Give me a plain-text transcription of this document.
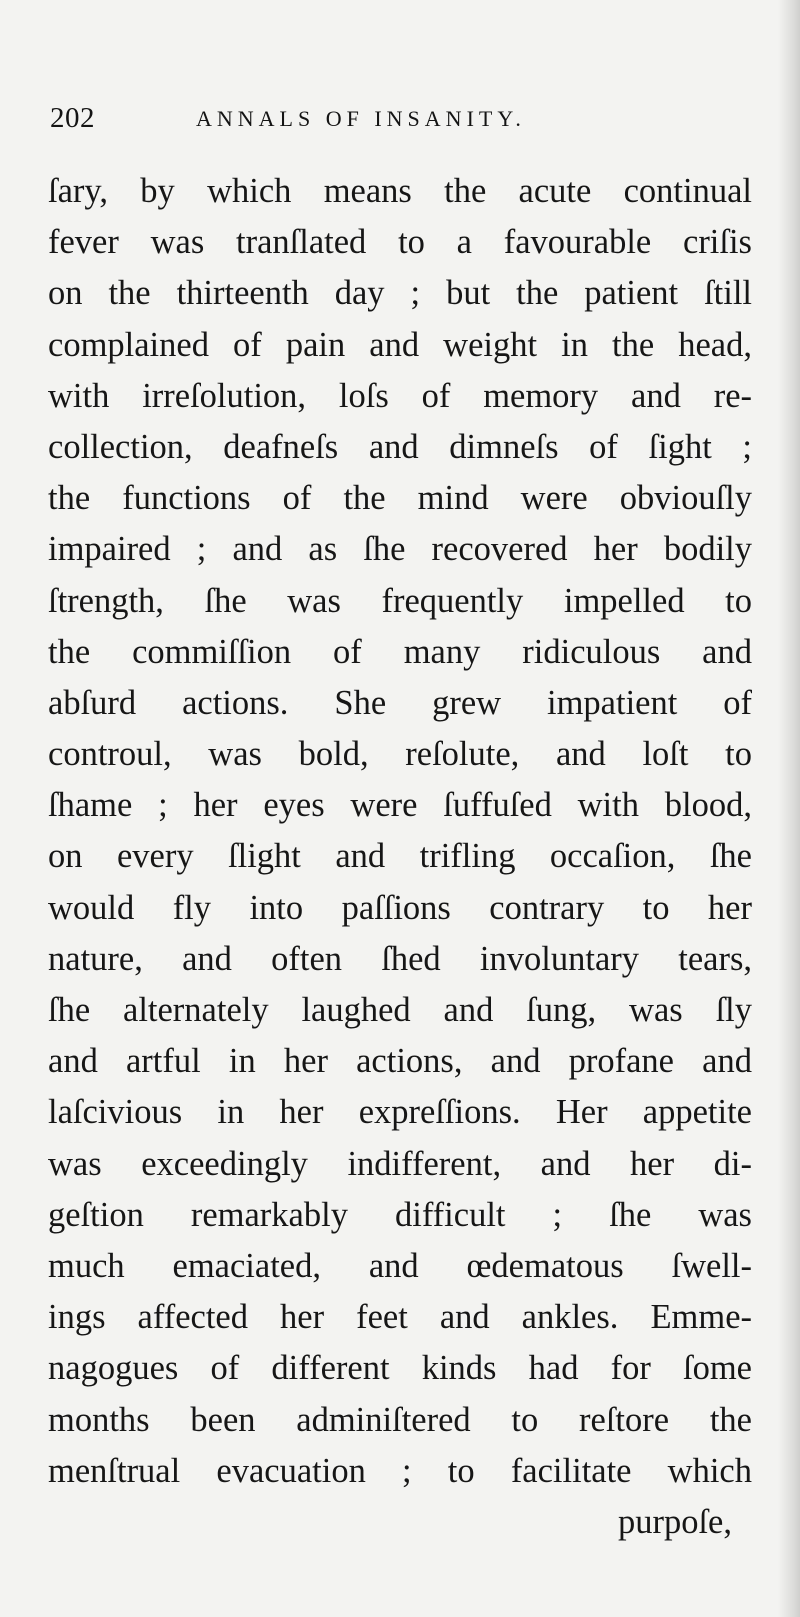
202	ANNALS OF INSANITY.
ſary, by which means the acute continual
fever was tranſlated to a favourable criſis
on the thirteenth day ; but the patient ſtill
complained of pain and weight in the head,
with irreſolution, loſs of memory and re-
collection, deafneſs and dimneſs of ſight ;
the functions of the mind were obviouſly
impaired ; and as ſhe recovered her bodily
ſtrength, ſhe was frequently impelled to
the commiſſion of many ridiculous and
abſurd actions. She grew impatient of
controul, was bold, reſolute, and loſt to
ſhame ; her eyes were ſuffuſed with blood,
on every ſlight and trifling occaſion, ſhe
would fly into paſſions contrary to her
nature, and often ſhed involuntary tears,
ſhe alternately laughed and ſung, was ſly
and artful in her actions, and profane and
laſcivious in her expreſſions. Her appetite
was exceedingly indifferent, and her di-
geſtion remarkably difficult ; ſhe was
much emaciated, and œdematous ſwell-
ings affected her feet and ankles. Emme-
nagogues of different kinds had for ſome
months been adminiſtered to reſtore the
menſtrual evacuation ; to facilitate which
purpoſe,
